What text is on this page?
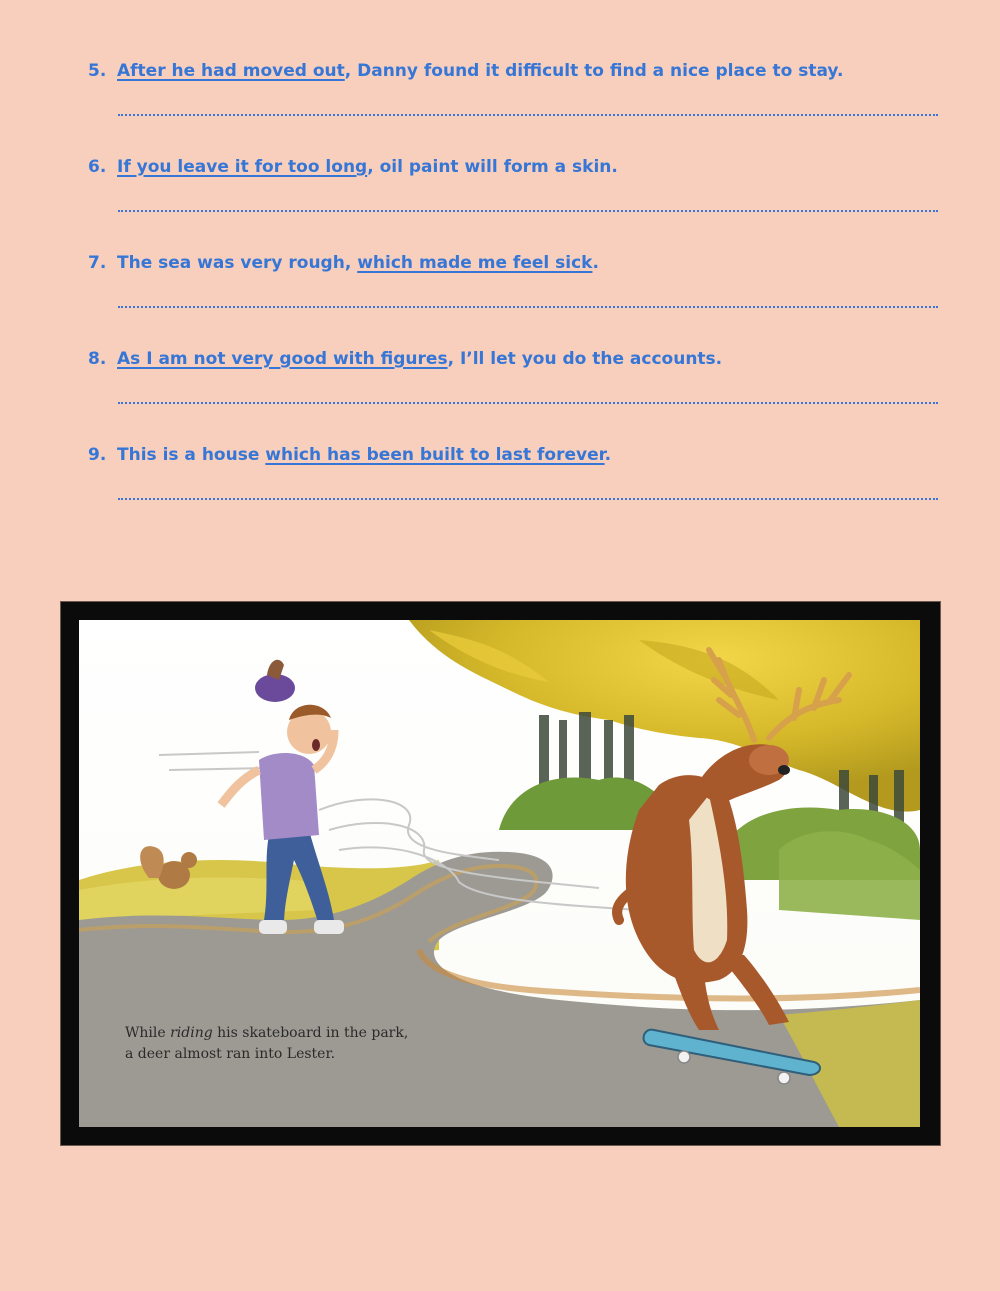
5. After he had moved out, Danny found it difficult to find a nice place to stay.
6. If you leave it for too long, oil paint will form a skin.
7. The sea was very rough, which made me feel sick.
8. As I am not very good with figures, I’ll let you do the accounts.
9. This is a house which has been built to last forever.
While riding his skateboard in the park,
a deer almost ran into Lester.
